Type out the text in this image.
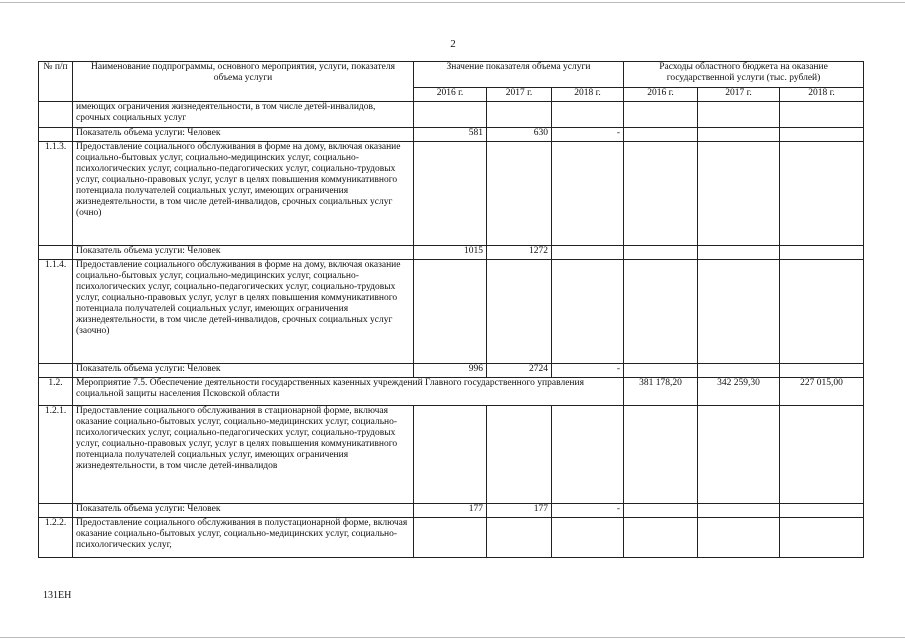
2
№ п/п	Наименование подпрограммы, основного мероприятия, услуги, показателя объема услуги	Значение показателя объема услуги			Расходы областного бюджета на оказание государственной услуги (тыс. рублей)		
		2016 г.	2017 г.	2018 г.	2016 г.	2017 г.	2018 г.
	имеющих ограничения жизнедеятельности, в том числе детей-инвалидов, срочных социальных услуг						
	Показатель объема услуги: Человек	581	630	-			
1.1.3.	Предоставление социального обслуживания в форме на дому, включая оказание социально-бытовых услуг, социально-медицинских услуг, социально-психологических услуг, социально-педагогических услуг, социально-трудовых услуг, социально-правовых услуг, услуг в целях повышения коммуникативного потенциала получателей социальных услуг, имеющих ограничения жизнедеятельности, в том числе детей-инвалидов, срочных социальных услуг (очно)						
	Показатель объема услуги: Человек	1015	1272				
1.1.4.	Предоставление социального обслуживания в форме на дому, включая оказание социально-бытовых услуг, социально-медицинских услуг, социально-психологических услуг, социально-педагогических услуг, социально-трудовых услуг, социально-правовых услуг, услуг в целях повышения коммуникативного потенциала получателей социальных услуг, имеющих ограничения жизнедеятельности, в том числе детей-инвалидов, срочных социальных услуг (заочно)						
	Показатель объема услуги: Человек	996	2724	-			
1.2.	Мероприятие 7.5. Обеспечение деятельности государственных казенных учреждений Главного государственного управления социальной защиты населения Псковской области				381 178,20	342 259,30	227 015,00
1.2.1.	Предоставление социального обслуживания в стационарной форме, включая оказание социально-бытовых услуг, социально-медицинских услуг, социально-психологических услуг, социально-педагогических услуг, социально-трудовых услуг, социально-правовых услуг, услуг в целях повышения коммуникативного потенциала получателей социальных услуг, имеющих ограничения жизнедеятельности, в том числе детей-инвалидов						
	Показатель объема услуги: Человек	177	177	-			
1.2.2.	Предоставление социального обслуживания в полустационарной форме, включая оказание социально-бытовых услуг, социально-медицинских услуг, социально-психологических услуг,						
131ЕН
